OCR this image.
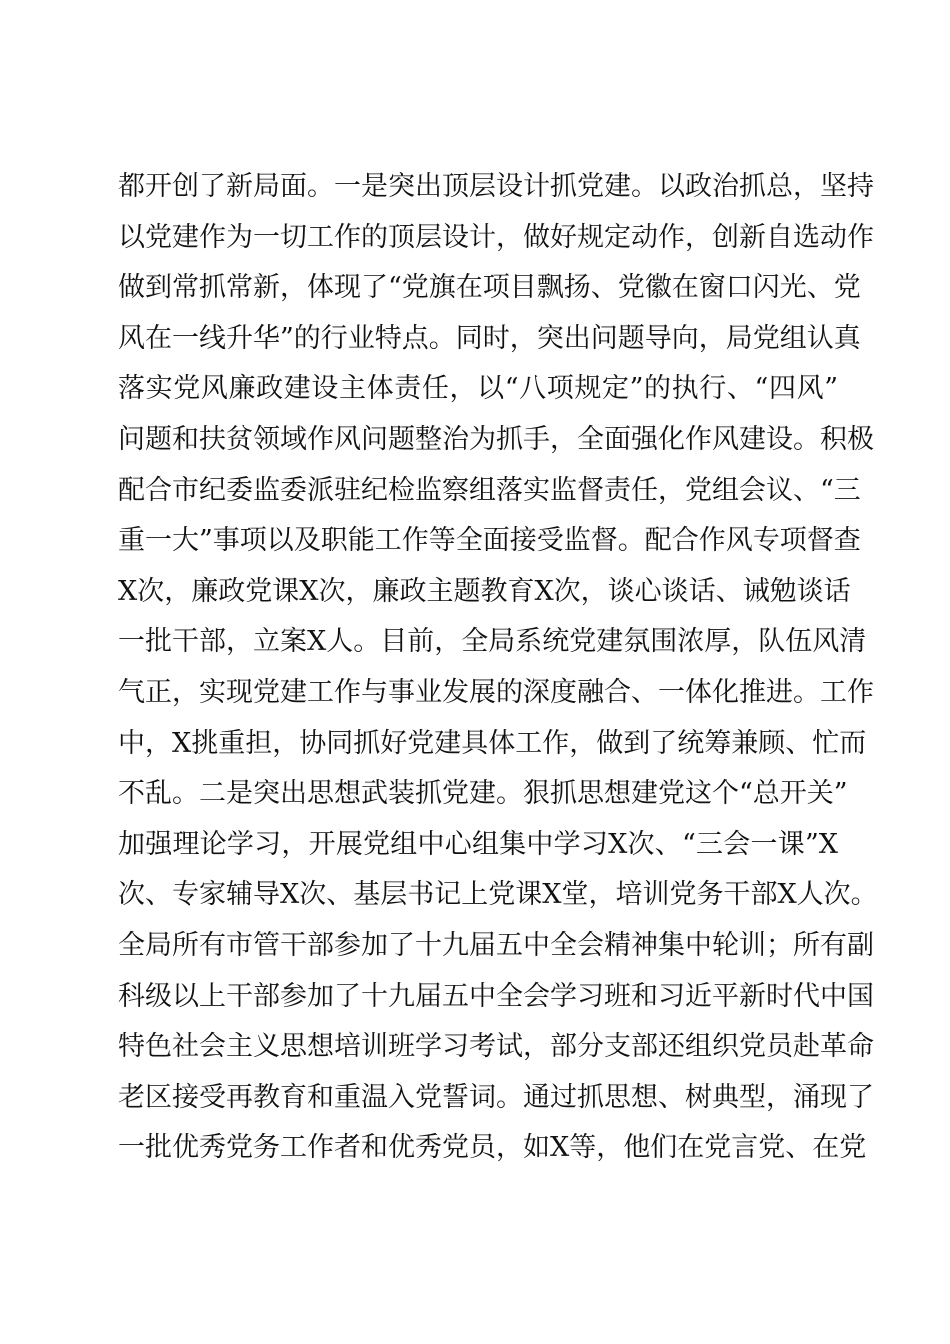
都开创了新局面。一是突出顶层设计抓党建。以政治抓总，坚持
以党建作为一切工作的顶层设计，做好规定动作，创新自选动作
做到常抓常新，体现了“党旗在项目飘扬、党徽在窗口闪光、党
风在一线升华”的行业特点。同时，突出问题导向，局党组认真
落实党风廉政建设主体责任，以“八项规定”的执行、“四风”
问题和扶贫领域作风问题整治为抓手，全面强化作风建设。积极
配合市纪委监委派驻纪检监察组落实监督责任，党组会议、“三
重一大”事项以及职能工作等全面接受监督。配合作风专项督查
X次，廉政党课X次，廉政主题教育X次，谈心谈话、诫勉谈话
一批干部，立案X人。目前，全局系统党建氛围浓厚，队伍风清
气正，实现党建工作与事业发展的深度融合、一体化推进。工作
中，X挑重担，协同抓好党建具体工作，做到了统筹兼顾、忙而
不乱。二是突出思想武装抓党建。狠抓思想建党这个“总开关”
加强理论学习，开展党组中心组集中学习X次、“三会一课”X
次、专家辅导X次、基层书记上党课X堂，培训党务干部X人次。
全局所有市管干部参加了十九届五中全会精神集中轮训；所有副
科级以上干部参加了十九届五中全会学习班和习近平新时代中国
特色社会主义思想培训班学习考试，部分支部还组织党员赴革命
老区接受再教育和重温入党誓词。通过抓思想、树典型，涌现了
一批优秀党务工作者和优秀党员，如X等，他们在党言党、在党
